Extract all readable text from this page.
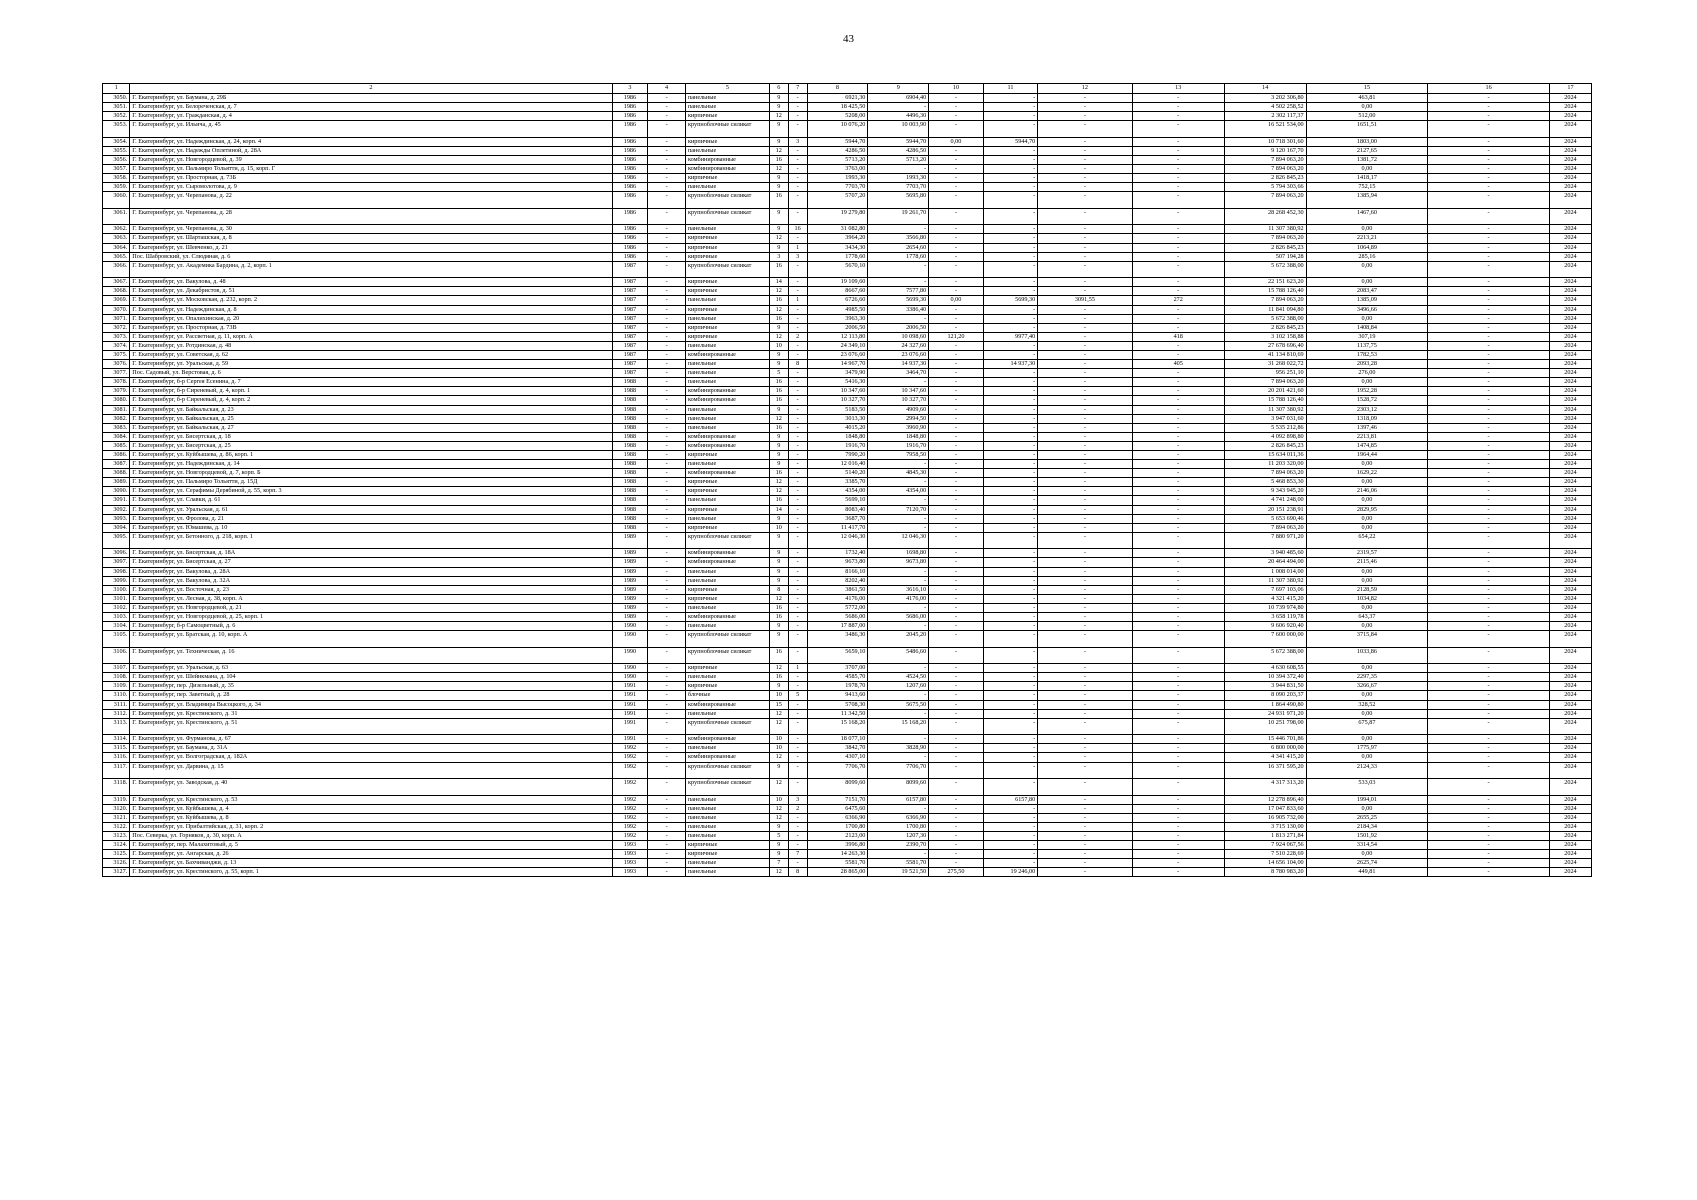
43
1	2	3	4	5	6	7	8	9	10	11	12	13	14	15	16	17
3050.	Г. Екатеринбург, ул. Баумана, д. 29Б	1986	-	панельные	9	-	6921,30	6904,40	-	-	-	-	3 202 306,80	463,81	-	2024
3051.	Г. Екатеринбург, ул. Белореченская, д. 7	1986	-	панельные	9	-	18 425,50	-	-	-	-	-	4 502 258,52	0,00	-	2024
3052.	Г. Екатеринбург, ул. Гражданская, д. 4	1986	-	кирпичные	12	-	5208,00	4496,30	-	-	-	-	2 302 117,37	512,00	-	2024
3053.	Г. Екатеринбург, ул. Ильича, д. 45	1986	-	крупноблочные силикат	9	-	10 076,20	10 003,90	-	-	-	-	16 521 534,00	1651,51	-	2024
3054.	Г. Екатеринбург, ул. Надеждинская, д. 24, корп. 4	1986	-	кирпичные	9	3	5944,70	5944,70	0,00	5944,70	-	-	10 718 301,60	1803,00	-	2024
3055.	Г. Екатеринбург, ул. Надежды Оплетиной, д. 28А	1986	-	панельные	12	-	4286,50	4286,50	-	-	-	-	9 120 167,70	2127,65	-	2024
3056.	Г. Екатеринбург, ул. Новгородцевой, д. 39	1986	-	комбинированные	16	-	5713,20	5713,20	-	-	-	-	7 894 063,20	1381,72	-	2024
3057.	Г. Екатеринбург, ул. Пальмиро Тольятти, д. 15, корп. Г	1986	-	комбинированные	12	-	3763,00	-	-	-	-	-	7 894 063,20	0,00	-	2024
3058.	Г. Екатеринбург, ул. Просторная, д. 73Б	1986	-	кирпичные	9	-	1993,30	1993,30	-	-	-	-	2 826 845,23	1418,17	-	2024
3059.	Г. Екатеринбург, ул. Сыромолотова, д. 9	1986	-	панельные	9	-	7703,70	7703,70	-	-	-	-	5 794 303,66	752,15	-	2024
3060.	Г. Екатеринбург, ул. Черепанова, д. 22	1986	-	крупноблочные силикат	16	-	5707,20	5695,80	-	-	-	-	7 894 063,20	1385,94	-	2024
3061.	Г. Екатеринбург, ул. Черепанова, д. 28	1986	-	крупноблочные силикат	9	-	19 279,80	19 261,70	-	-	-	-	28 268 452,30	1467,60	-	2024
3062.	Г. Екатеринбург, ул. Черепанова, д. 30	1986	-	панельные	9	16	31 082,80	-	-	-	-	-	11 307 380,92	0,00	-	2024
3063.	Г. Екатеринбург, ул. Шарташская, д. 8	1986	-	кирпичные	12	-	3964,20	3566,80	-	-	-	-	7 894 063,20	2213,21	-	2024
3064.	Г. Екатеринбург, ул. Шевченко, д. 21	1986	-	кирпичные	9	1	3434,30	2654,60	-	-	-	-	2 826 845,23	1064,89	-	2024
3065.	Пос. Шабровский, ул. Слюдяная, д. 6	1986	-	кирпичные	3	3	1778,60	1778,60	-	-	-	-	507 194,28	285,16	-	2024
3066.	Г. Екатеринбург, ул. Академика Бардина, д. 2, корп. 1	1987	-	крупноблочные силикат	16	-	5670,10	-	-	-	-	-	5 672 388,00	0,00	-	2024
3067.	Г. Екатеринбург, ул. Вакулова, д. 48	1987	-	кирпичные	14	-	19 109,60	-	-	-	-	-	22 151 623,20	0,00	-	2024
3068.	Г. Екатеринбург, ул. Декабристов, д. 51	1987	-	кирпичные	12	-	8667,60	7577,80	-	-	-	-	15 788 126,40	2083,47	-	2024
3069.	Г. Екатеринбург, ул. Московская, д. 232, корп. 2	1987	-	панельные	16	1	6726,60	5699,30	0,00	5699,30	3091,55	272	7 894 063,20	1385,09	-	2024
3070.	Г. Екатеринбург, ул. Надеждинская, д. 8	1987	-	кирпичные	12	-	4985,50	3386,40	-	-	-	-	11 841 094,80	3496,66	-	2024
3071.	Г. Екатеринбург, ул. Опалихинская, д. 20	1987	-	панельные	16	-	3963,30	-	-	-	-	-	5 672 388,00	0,00	-	2024
3072.	Г. Екатеринбург, ул. Просторная, д. 73В	1987	-	кирпичные	9	-	2006,50	2006,50	-	-	-	-	2 826 845,23	1408,84	-	2024
3073.	Г. Екатеринбург, ул. Рассветная, д. 11, корп. А	1987	-	кирпичные	12	2	12 113,80	10 098,60	121,20	9977,40	-	418	3 102 158,88	307,19	-	2024
3074.	Г. Екатеринбург, ул. Ротдинская, д. 48	1987	-	панельные	10	-	24 349,10	24 327,60	-	-	-	-	27 678 696,40	1137,75	-	2024
3075.	Г. Екатеринбург, ул. Советская, д. 62	1987	-	комбинированные	9	-	23 076,60	23 076,60	-	-	-	-	41 134 810,69	1782,53	-	2024
3076.	Г. Екатеринбург, ул. Уральская, д. 59	1987	-	панельные	9	8	14 967,70	14 937,30	-	14 937,30	-	405	31 268 022,72	2093,28	-	2024
3077.	Пос. Садовый, ул. Верстовая, д. 6	1987	-	панельные	5	-	3479,90	3464,70	-	-	-	-	956 251,10	276,00	-	2024
3078.	Г. Екатеринбург, б-р Сергея Есенина, д. 7	1988	-	панельные	16	-	5416,30	-	-	-	-	-	7 894 063,20	0,00	-	2024
3079.	Г. Екатеринбург, б-р Сиреневый, д. 4, корп. 1	1988	-	комбинированные	16	-	10 347,60	10 347,60	-	-	-	-	20 201 421,60	1952,28	-	2024
3080.	Г. Екатеринбург, б-р Сиреневый, д. 4, корп. 2	1988	-	комбинированные	16	-	10 327,70	10 327,70	-	-	-	-	15 788 126,40	1528,72	-	2024
3081.	Г. Екатеринбург, ул. Байкальская, д. 23	1988	-	панельные	9	-	5183,50	4909,60	-	-	-	-	11 307 380,92	2303,12	-	2024
3082.	Г. Екатеринбург, ул. Байкальская, д. 25	1988	-	панельные	12	-	3013,30	2994,50	-	-	-	-	3 947 031,60	1318,09	-	2024
3083.	Г. Екатеринбург, ул. Байкальская, д. 27	1988	-	панельные	16	-	4015,20	3960,90	-	-	-	-	5 535 212,86	1397,46	-	2024
3084.	Г. Екатеринбург, ул. Бисертская, д. 18	1988	-	комбинированные	9	-	1848,80	1848,80	-	-	-	-	4 092 898,80	2213,81	-	2024
3085.	Г. Екатеринбург, ул. Бисертская, д. 25	1988	-	комбинированные	9	-	1916,70	1916,70	-	-	-	-	2 826 845,23	1474,85	-	2024
3086.	Г. Екатеринбург, ул. Куйбышева, д. 86, корп. 1	1988	-	кирпичные	9	-	7990,20	7958,50	-	-	-	-	15 634 011,36	1964,44	-	2024
3087.	Г. Екатеринбург, ул. Надеждинская, д. 14	1988	-	панельные	9	-	12 016,40	-	-	-	-	-	11 203 320,00	0,00	-	2024
3088.	Г. Екатеринбург, ул. Новгородцевой, д. 7, корп. Б	1988	-	комбинированные	16	-	5140,20	4845,30	-	-	-	-	7 894 063,20	1629,22	-	2024
3089.	Г. Екатеринбург, ул. Пальмиро Тольятти, д. 15Д	1988	-	кирпичные	12	-	3385,70	-	-	-	-	-	5 468 853,30	0,00	-	2024
3090.	Г. Екатеринбург, ул. Серафимы Дерябиной, д. 55, корп. 3	1988	-	кирпичные	12	-	4354,00	4354,00	-	-	-	-	9 343 945,20	2146,06	-	2024
3091.	Г. Екатеринбург, ул. Славки, д. 61	1988	-	панельные	16	-	5699,10	-	-	-	-	-	4 741 248,00	0,00	-	2024
3092.	Г. Екатеринбург, ул. Уральская, д. 61	1988	-	кирпичные	14	-	8083,40	7120,70	-	-	-	-	20 151 238,91	2829,95	-	2024
3093.	Г. Екатеринбург, ул. Фролова, д. 21	1988	-	панельные	9	-	3687,70	-	-	-	-	-	5 653 690,46	0,00	-	2024
3094.	Г. Екатеринбург, ул. Юмашева, д. 10	1988	-	кирпичные	10	-	11 417,70	-	-	-	-	-	7 894 063,20	0,00	-	2024
3095.	Г. Екатеринбург, ул. Бетонного, д. 218, корп. 1	1989	-	крупноблочные силикат	9	-	12 046,30	12 046,30	-	-	-	-	7 880 971,20	654,22	-	2024
3096.	Г. Екатеринбург, ул. Бисертская, д. 18А	1989	-	комбинированные	9	-	1732,40	1698,80	-	-	-	-	3 940 485,60	2319,57	-	2024
3097.	Г. Екатеринбург, ул. Бисертская, д. 27	1989	-	комбинированные	9	-	9673,80	9673,80	-	-	-	-	20 464 494,00	2115,46	-	2024
3098.	Г. Екатеринбург, ул. Вакулова, д. 28А	1989	-	панельные	9	-	8166,10	-	-	-	-	-	1 008 014,00	0,00	-	2024
3099.	Г. Екатеринбург, ул. Вакулова, д. 32А	1989	-	панельные	9	-	8202,40	-	-	-	-	-	11 307 380,92	0,00	-	2024
3100.	Г. Екатеринбург, ул. Восточная, д. 23	1989	-	кирпичные	8	-	3861,50	3616,10	-	-	-	-	7 697 103,06	2128,59	-	2024
3101.	Г. Екатеринбург, ул. Лесная, д. 38, корп. А	1989	-	кирпичные	12	-	4176,00	4176,00	-	-	-	-	4 321 415,20	1034,82	-	2024
3102.	Г. Екатеринбург, ул. Новгородцевой, д. 21	1989	-	панельные	16	-	5772,00	-	-	-	-	-	10 739 974,80	0,00	-	2024
3103.	Г. Екатеринбург, ул. Новгородцевой, д. 25, корп. 1	1989	-	комбинированные	16	-	5686,00	5686,00	-	-	-	-	3 658 119,78	643,37	-	2024
3104.	Г. Екатеринбург, б-р Самоцветный, д. 6	1990	-	панельные	9	-	17 887,00	-	-	-	-	-	9 606 920,40	0,00	-	2024
3105.	Г. Екатеринбург, ул. Братская, д. 10, корп. А	1990	-	крупноблочные силикат	9	-	3486,30	2045,20	-	-	-	-	7 600 000,00	3715,84	-	2024
3106.	Г. Екатеринбург, ул. Техническая, д. 16	1990	-	крупноблочные силикат	16	-	5659,10	5486,60	-	-	-	-	5 672 388,00	1033,86	-	2024
3107.	Г. Екатеринбург, ул. Уральская, д. 63	1990	-	кирпичные	12	1	3707,00	-	-	-	-	-	4 630 608,55	0,00	-	2024
3108.	Г. Екатеринбург, ул. Шейнкмана, д. 104	1990	-	панельные	16	-	4585,70	4524,50	-	-	-	-	10 394 372,40	2297,35	-	2024
3109.	Г. Екатеринбург, пер. Дизельный, д. 35	1991	-	кирпичные	9	-	1978,70	1207,60	-	-	-	-	3 944 831,50	3266,67	-	2024
3110.	Г. Екатеринбург, пер. Заветный, д. 28	1991	-	блочные	10	5	9413,60	-	-	-	-	-	8 090 203,37	0,00	-	2024
3111.	Г. Екатеринбург, ул. Владимира Высоцкого, д. 34	1991	-	комбинированные	15	-	5708,30	5675,50	-	-	-	-	1 864 490,80	328,52	-	2024
3112.	Г. Екатеринбург, ул. Крестинского, д. 31	1991	-	панельные	12	-	11 342,50	-	-	-	-	-	24 931 971,20	0,00	-	2024
3113.	Г. Екатеринбург, ул. Крестинского, д. 51	1991	-	крупноблочные силикат	12	-	15 168,20	15 168,20	-	-	-	-	10 251 798,00	675,87	-	2024
3114.	Г. Екатеринбург, ул. Фурманова, д. 67	1991	-	комбинированные	10	-	18 077,10	-	-	-	-	-	15 446 701,86	0,00	-	2024
3115.	Г. Екатеринбург, ул. Баумана, д. 31А	1992	-	панельные	10	-	3842,70	3828,90	-	-	-	-	6 800 000,00	1775,97	-	2024
3116.	Г. Екатеринбург, ул. Волгоградская, д. 182А	1992	-	комбинированные	12	-	4307,10	-	-	-	-	-	4 341 415,20	0,00	-	2024
3117.	Г. Екатеринбург, ул. Дарвина, д. 15	1992	-	крупноблочные силикат	9	-	7706,70	7706,70	-	-	-	-	16 371 595,20	2124,33	-	2024
3118.	Г. Екатеринбург, ул. Заводская, д. 40	1992	-	крупноблочные силикат	12	-	8099,60	8099,60	-	-	-	-	4 317 313,20	533,03	-	2024
3119.	Г. Екатеринбург, ул. Крестинского, д. 53	1992	-	панельные	10	3	7151,70	6157,80	-	6157,80	-	-	12 278 896,40	1994,01	-	2024
3120.	Г. Екатеринбург, ул. Куйбышева, д. 4	1992	-	панельные	12	2	6475,60	-	-	-	-	-	17 047 833,60	0,00	-	2024
3121.	Г. Екатеринбург, ул. Куйбышева, д. 8	1992	-	панельные	12	-	6366,90	6366,90	-	-	-	-	16 905 732,00	2655,25	-	2024
3122.	Г. Екатеринбург, ул. Прибалтийская, д. 31, корп. 2	1992	-	панельные	9	-	1700,80	1700,80	-	-	-	-	3 715 130,00	2184,34	-	2024
3123.	Пос. Северка, ул. Горняков, д. 30, корп. А	1992	-	панельные	5	-	2123,00	1207,30	-	-	-	-	1 813 271,84	1501,92	-	2024
3124.	Г. Екатеринбург, пер. Малахитовый, д. 5	1993	-	кирпичные	9	-	3996,80	2390,70	-	-	-	-	7 924 067,56	3314,54	-	2024
3125.	Г. Екатеринбург, ул. Ангарская, д. 26	1993	-	кирпичные	9	7	14 263,30	-	-	-	-	-	7 510 228,69	0,00	-	2024
3126.	Г. Екатеринбург, ул. Бахчиванджи, д. 13	1993	-	панельные	7	-	5581,70	5581,70	-	-	-	-	14 656 104,00	2625,74	-	2024
3127.	Г. Екатеринбург, ул. Крестинского, д. 55, корп. 1	1993	-	панельные	12	8	28 865,00	19 521,50	275,50	19 246,00	-	-	8 780 983,20	449,81	-	2024
